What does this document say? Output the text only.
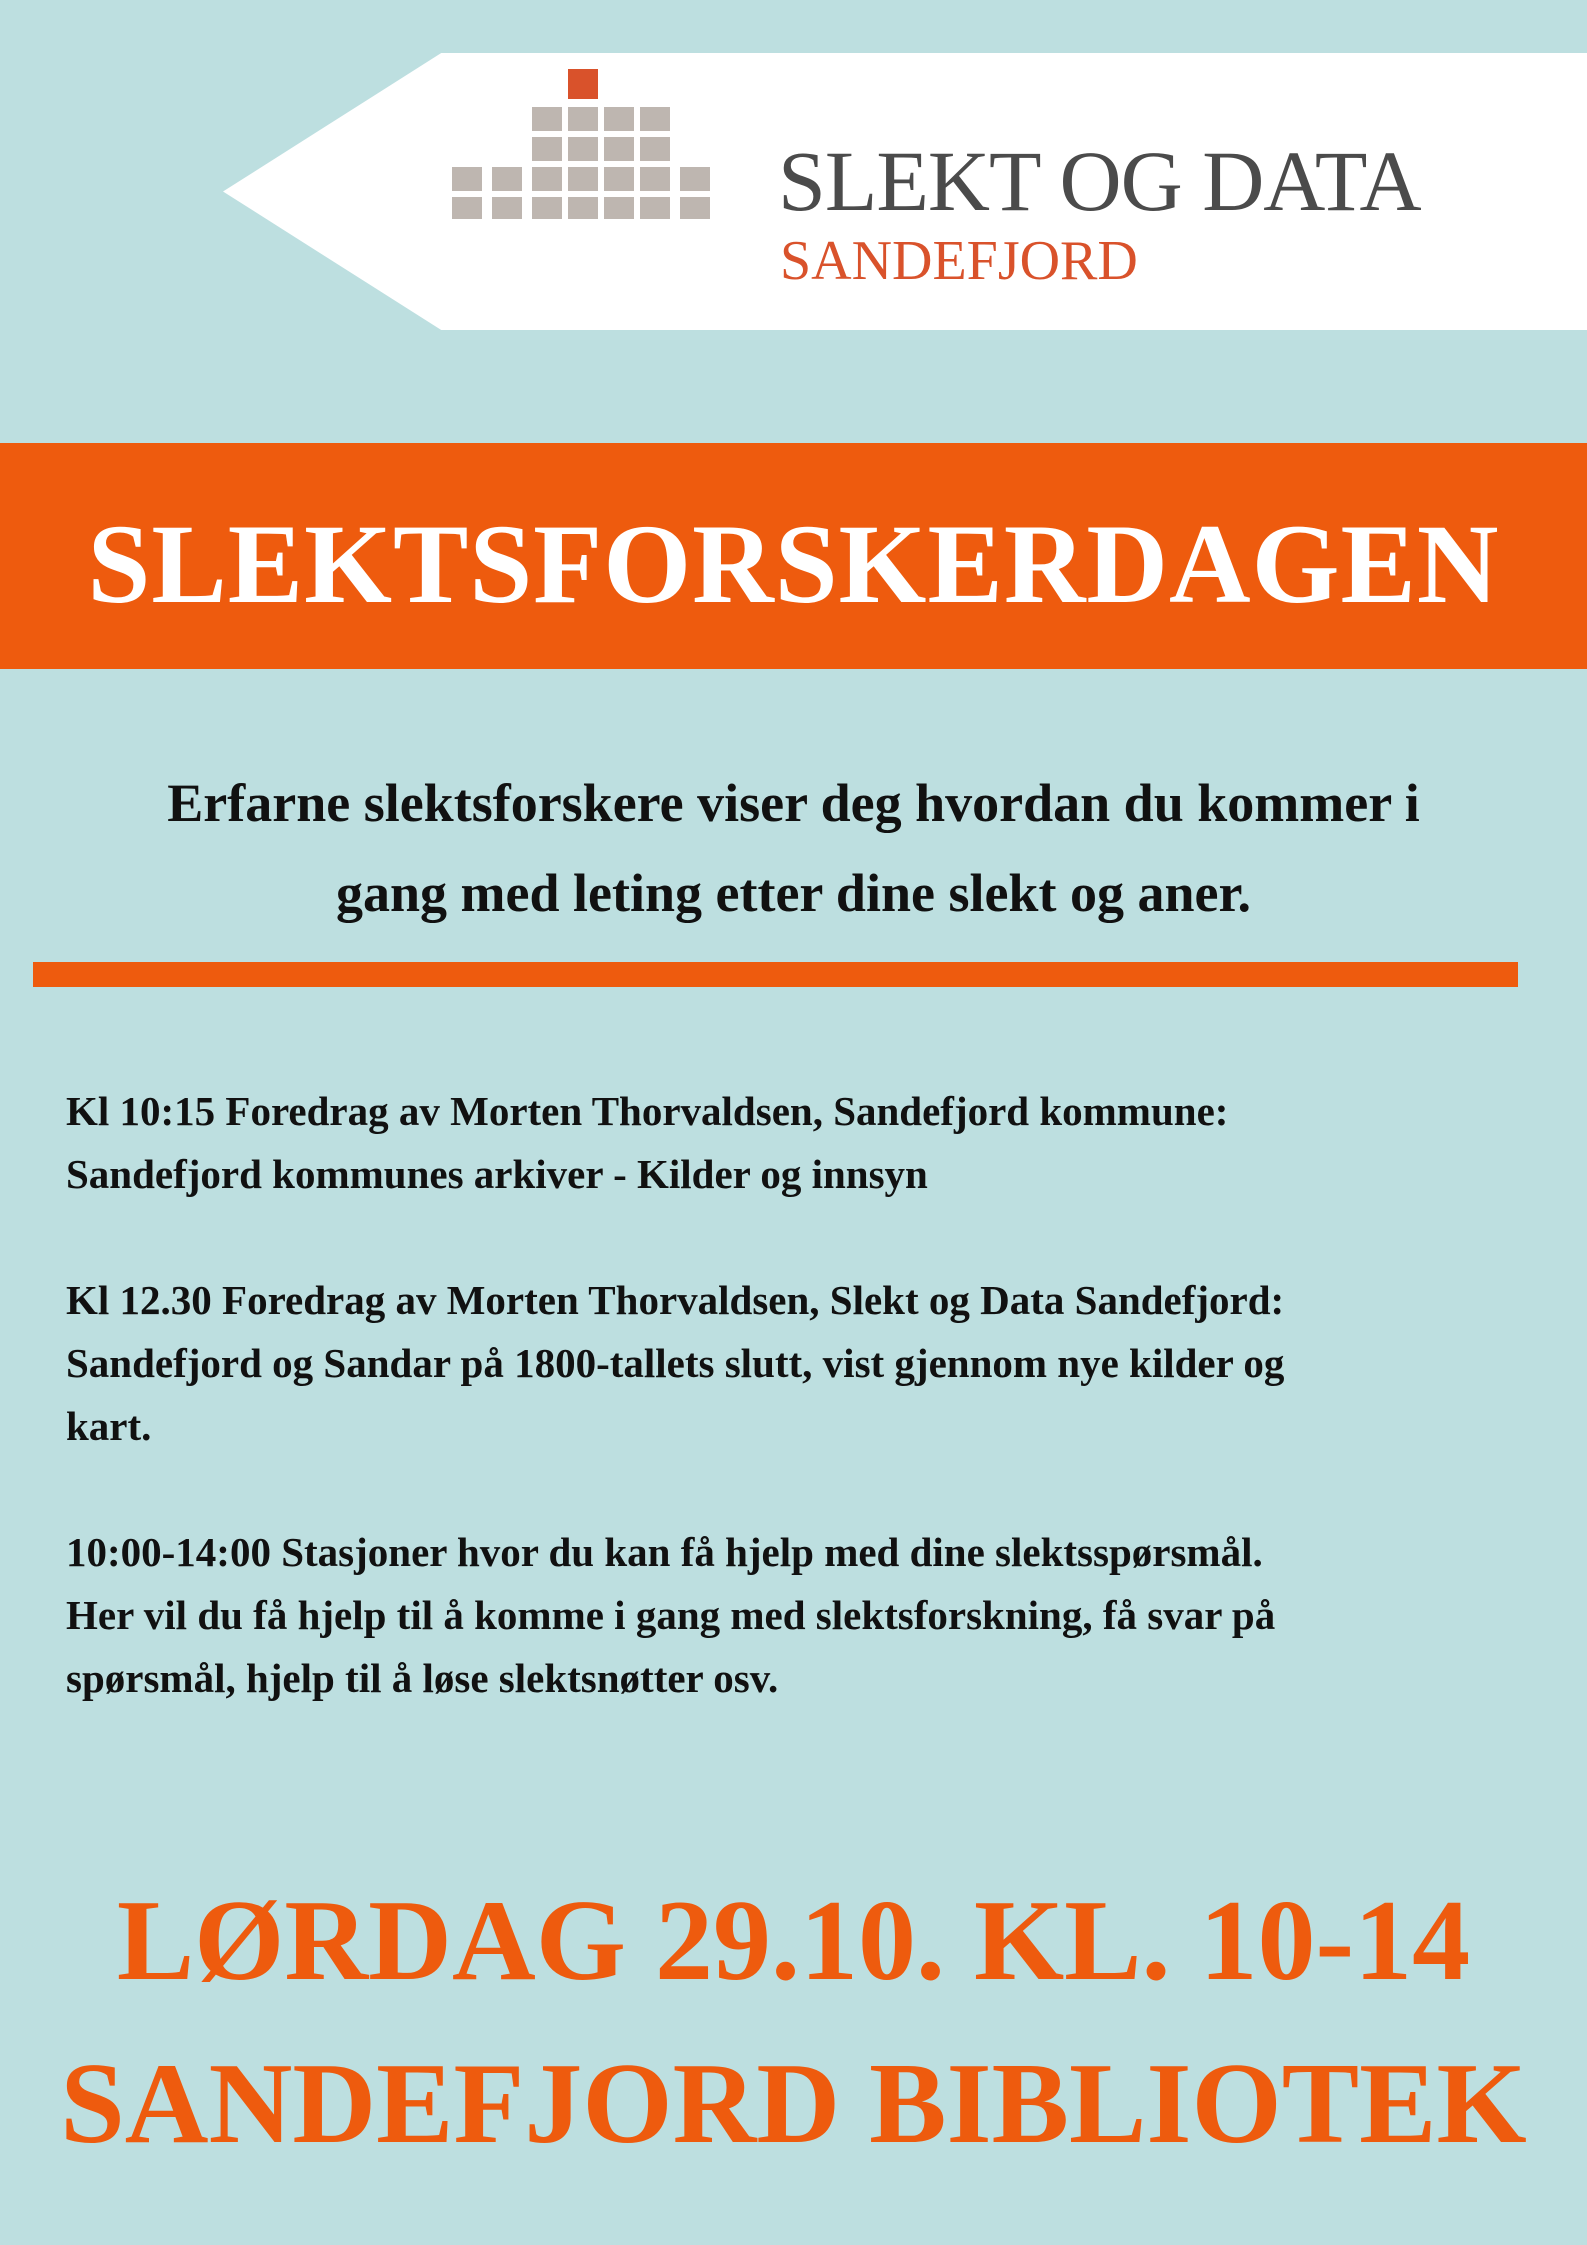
SLEKT OG DATA
SANDEFJORD
SLEKTSFORSKERDAGEN
Erfarne slektsforskere viser deg hvordan du kommer i
gang med leting etter dine slekt og aner.
Kl 10:15 Foredrag av Morten Thorvaldsen, Sandefjord kommune:
Sandefjord kommunes arkiver - Kilder og innsyn
Kl 12.30 Foredrag av Morten Thorvaldsen, Slekt og Data Sandefjord:
Sandefjord og Sandar på 1800-tallets slutt, vist gjennom nye kilder og
kart.
10:00-14:00 Stasjoner hvor du kan få hjelp med dine slektsspørsmål.
Her vil du få hjelp til å komme i gang med slektsforskning, få svar på
spørsmål, hjelp til å løse slektsnøtter osv.
LØRDAG 29.10. KL. 10-14
SANDEFJORD BIBLIOTEK
